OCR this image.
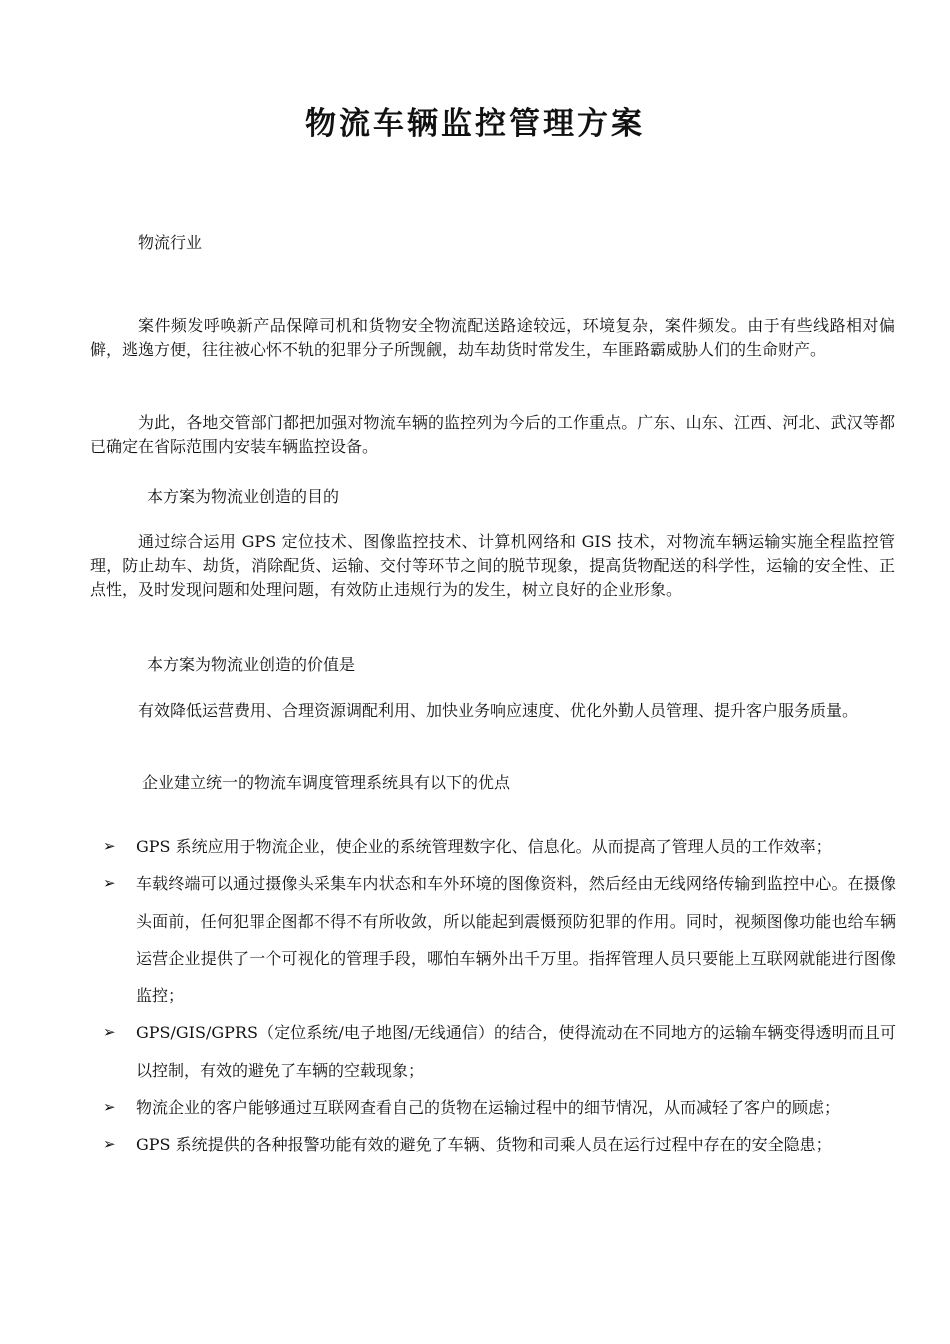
物流车辆监控管理方案

物流行业

案件频发呼唤新产品保障司机和货物安全物流配送路途较远，环境复杂，案件频发。由于有些线路相对偏僻，逃逸方便，往往被心怀不轨的犯罪分子所觊觎，劫车劫货时常发生，车匪路霸威胁人们的生命财产。

为此，各地交管部门都把加强对物流车辆的监控列为今后的工作重点。广东、山东、江西、河北、武汉等都已确定在省际范围内安装车辆监控设备。

本方案为物流业创造的目的

通过综合运用 GPS 定位技术、图像监控技术、计算机网络和 GIS 技术，对物流车辆运输实施全程监控管理，防止劫车、劫货，消除配货、运输、交付等环节之间的脱节现象，提高货物配送的科学性，运输的安全性、正点性，及时发现问题和处理问题，有效防止违规行为的发生，树立良好的企业形象。

本方案为物流业创造的价值是

有效降低运营费用、合理资源调配利用、加快业务响应速度、优化外勤人员管理、提升客户服务质量。

企业建立统一的物流车调度管理系统具有以下的优点

➢ GPS 系统应用于物流企业，使企业的系统管理数字化、信息化。从而提高了管理人员的工作效率；
➢ 车载终端可以通过摄像头采集车内状态和车外环境的图像资料，然后经由无线网络传输到监控中心。在摄像头面前，任何犯罪企图都不得不有所收敛，所以能起到震慑预防犯罪的作用。同时，视频图像功能也给车辆运营企业提供了一个可视化的管理手段，哪怕车辆外出千万里。指挥管理人员只要能上互联网就能进行图像监控；
➢ GPS/GIS/GPRS（定位系统/电子地图/无线通信）的结合，使得流动在不同地方的运输车辆变得透明而且可以控制，有效的避免了车辆的空载现象；
➢ 物流企业的客户能够通过互联网查看自己的货物在运输过程中的细节情况，从而减轻了客户的顾虑；
➢ GPS 系统提供的各种报警功能有效的避免了车辆、货物和司乘人员在运行过程中存在的安全隐患；
